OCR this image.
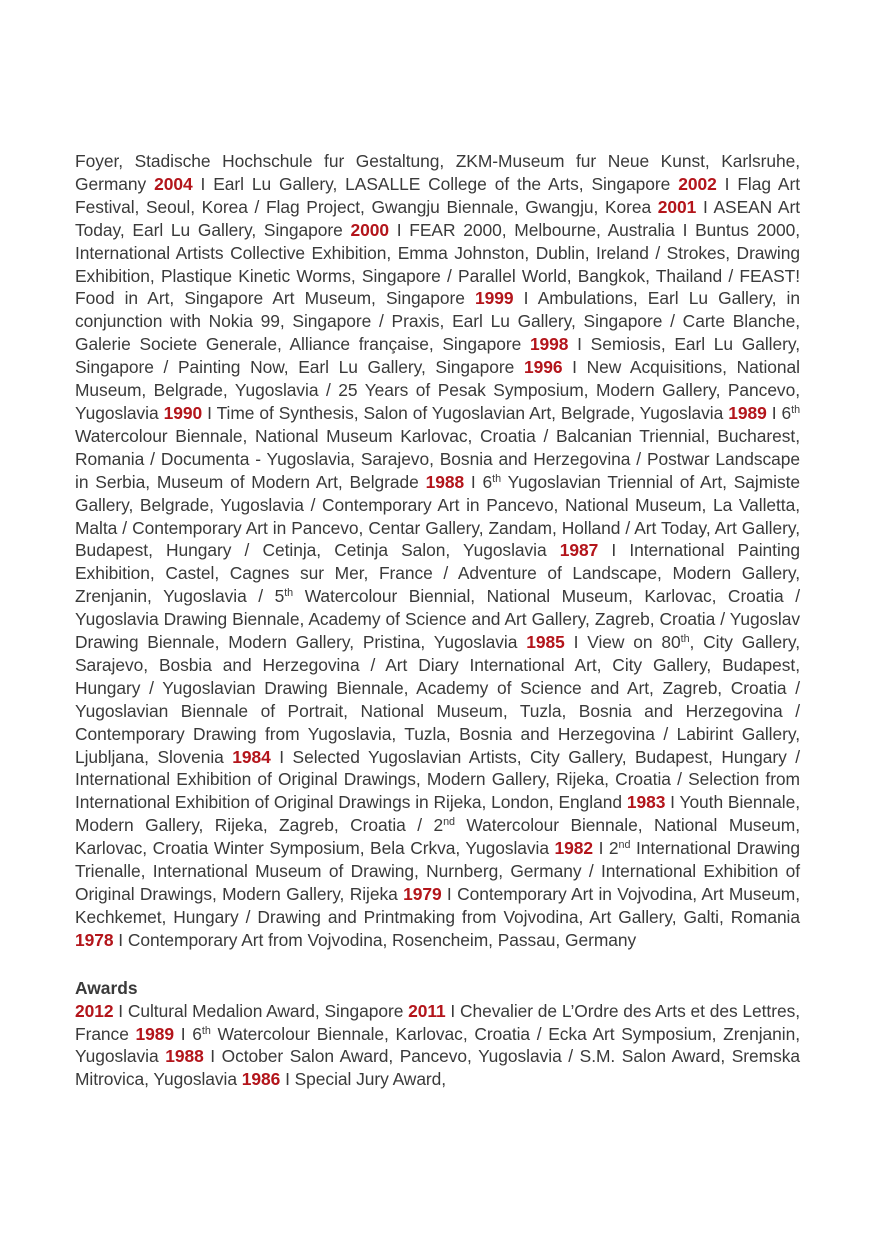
Foyer, Stadische Hochschule fur Gestaltung, ZKM-Museum fur Neue Kunst, Karlsruhe, Germany 2004 I Earl Lu Gallery, LASALLE College of the Arts, Singapore 2002 I Flag Art Festival, Seoul, Korea / Flag Project, Gwangju Biennale, Gwangju, Korea 2001 I ASEAN Art Today, Earl Lu Gallery, Singapore 2000 I FEAR 2000, Melbourne, Australia I Buntus 2000, International Artists Collective Exhibition, Emma Johnston, Dublin, Ireland / Strokes, Drawing Exhibition, Plastique Kinetic Worms, Singapore / Parallel World, Bangkok, Thailand / FEAST! Food in Art, Singapore Art Museum, Singapore 1999 I Ambulations, Earl Lu Gallery, in conjunction with Nokia 99, Singapore / Praxis, Earl Lu Gallery, Singapore / Carte Blanche, Galerie Societe Generale, Alliance française, Singapore 1998 I Semiosis, Earl Lu Gallery, Singapore / Painting Now, Earl Lu Gallery, Singapore 1996 I New Acquisitions, National Museum, Belgrade, Yugoslavia / 25 Years of Pesak Symposium, Modern Gallery, Pancevo, Yugoslavia 1990 I Time of Synthesis, Salon of Yugoslavian Art, Belgrade, Yugoslavia 1989 I 6th Watercolour Biennale, National Museum Karlovac, Croatia / Balcanian Triennial, Bucharest, Romania / Documenta - Yugoslavia, Sarajevo, Bosnia and Herzegovina / Postwar Landscape in Serbia, Museum of Modern Art, Belgrade 1988 I 6th Yugoslavian Triennial of Art, Sajmiste Gallery, Belgrade, Yugoslavia / Contemporary Art in Pancevo, National Museum, La Valletta, Malta / Contemporary Art in Pancevo, Centar Gallery, Zandam, Holland / Art Today, Art Gallery, Budapest, Hungary / Cetinja, Cetinja Salon, Yugoslavia 1987 I International Painting Exhibition, Castel, Cagnes sur Mer, France / Adventure of Landscape, Modern Gallery, Zrenjanin, Yugoslavia / 5th Watercolour Biennial, National Museum, Karlovac, Croatia / Yugoslavia Drawing Biennale, Academy of Science and Art Gallery, Zagreb, Croatia / Yugoslav Drawing Biennale, Modern Gallery, Pristina, Yugoslavia 1985 I View on 80th, City Gallery, Sarajevo, Bosbia and Herzegovina / Art Diary International Art, City Gallery, Budapest, Hungary / Yugoslavian Drawing Biennale, Academy of Science and Art, Zagreb, Croatia / Yugoslavian Biennale of Portrait, National Museum, Tuzla, Bosnia and Herzegovina / Contemporary Drawing from Yugoslavia, Tuzla, Bosnia and Herzegovina / Labirint Gallery, Ljubljana, Slovenia 1984 I Selected Yugoslavian Artists, City Gallery, Budapest, Hungary / International Exhibition of Original Drawings, Modern Gallery, Rijeka, Croatia / Selection from International Exhibition of Original Drawings in Rijeka, London, England 1983 I Youth Biennale, Modern Gallery, Rijeka, Zagreb, Croatia / 2nd Watercolour Biennale, National Museum, Karlovac, Croatia Winter Symposium, Bela Crkva, Yugoslavia 1982 I 2nd International Drawing Trienalle, International Museum of Drawing, Nurnberg, Germany / International Exhibition of Original Drawings, Modern Gallery, Rijeka 1979 I Contemporary Art in Vojvodina, Art Museum, Kechkemet, Hungary / Drawing and Printmaking from Vojvodina, Art Gallery, Galti, Romania 1978 I Contemporary Art from Vojvodina, Rosencheim, Passau, Germany

Awards

2012 I Cultural Medalion Award, Singapore 2011 I Chevalier de L’Ordre des Arts et des Lettres, France 1989 I 6th Watercolour Biennale, Karlovac, Croatia / Ecka Art Symposium, Zrenjanin, Yugoslavia 1988 I October Salon Award, Pancevo, Yugoslavia / S.M. Salon Award, Sremska Mitrovica, Yugoslavia 1986 I Special Jury Award,
